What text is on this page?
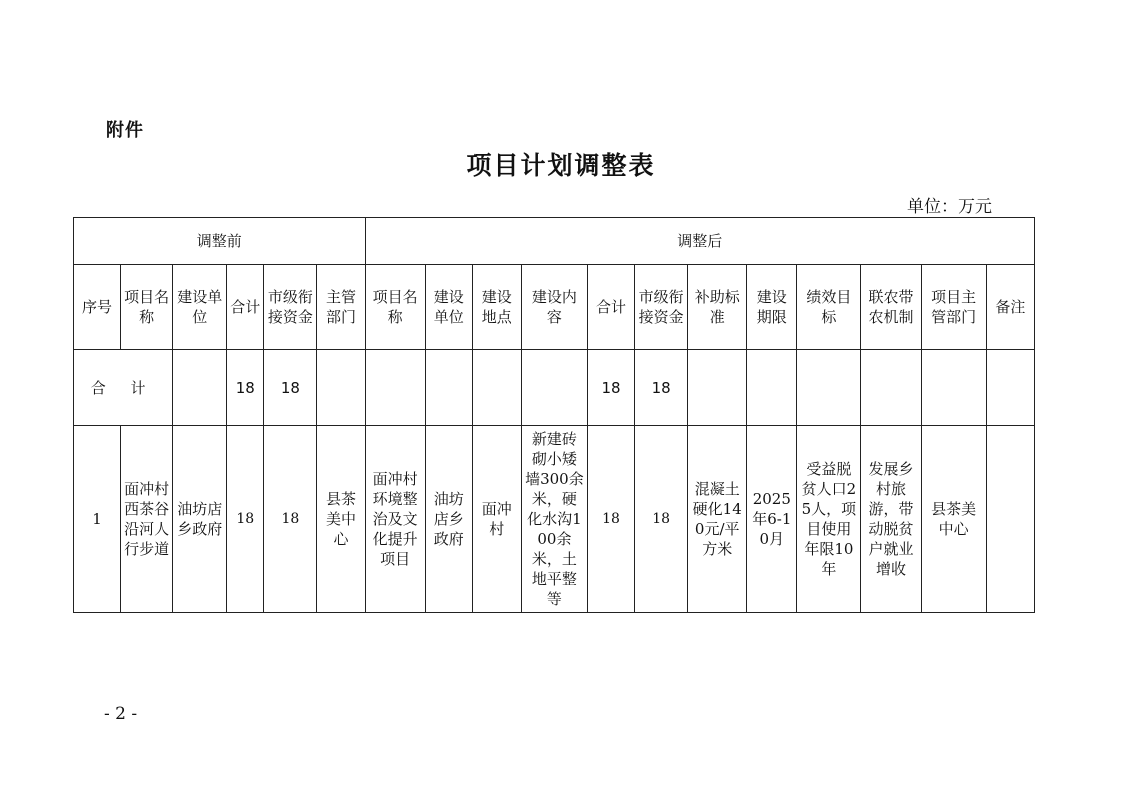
附件
项目计划调整表
单位：万元
调整前						调整后											
序号	项目名称	建设单位	合计	市级衔接资金	主管部门	项目名称	建设单位	建设地点	建设内容	合计	市级衔接资金	补助标准	建设期限	绩效目标	联农带农机制	项目主管部门	备注
合 计			18	18						18	18						
1	面冲村西茶谷沿河人行步道	油坊店乡政府	18	18	县茶美中心	面冲村环境整治及文化提升项目	油坊店乡政府	面冲村	新建砖砌小矮墙300余米，硬化水沟100余米，土地平整等	18	18	混凝土硬化140元/平方米	2025年6-10月	受益脱贫人口25人，项目使用年限10年	发展乡村旅游，带动脱贫户就业增收	县茶美中心	
- 2 -
